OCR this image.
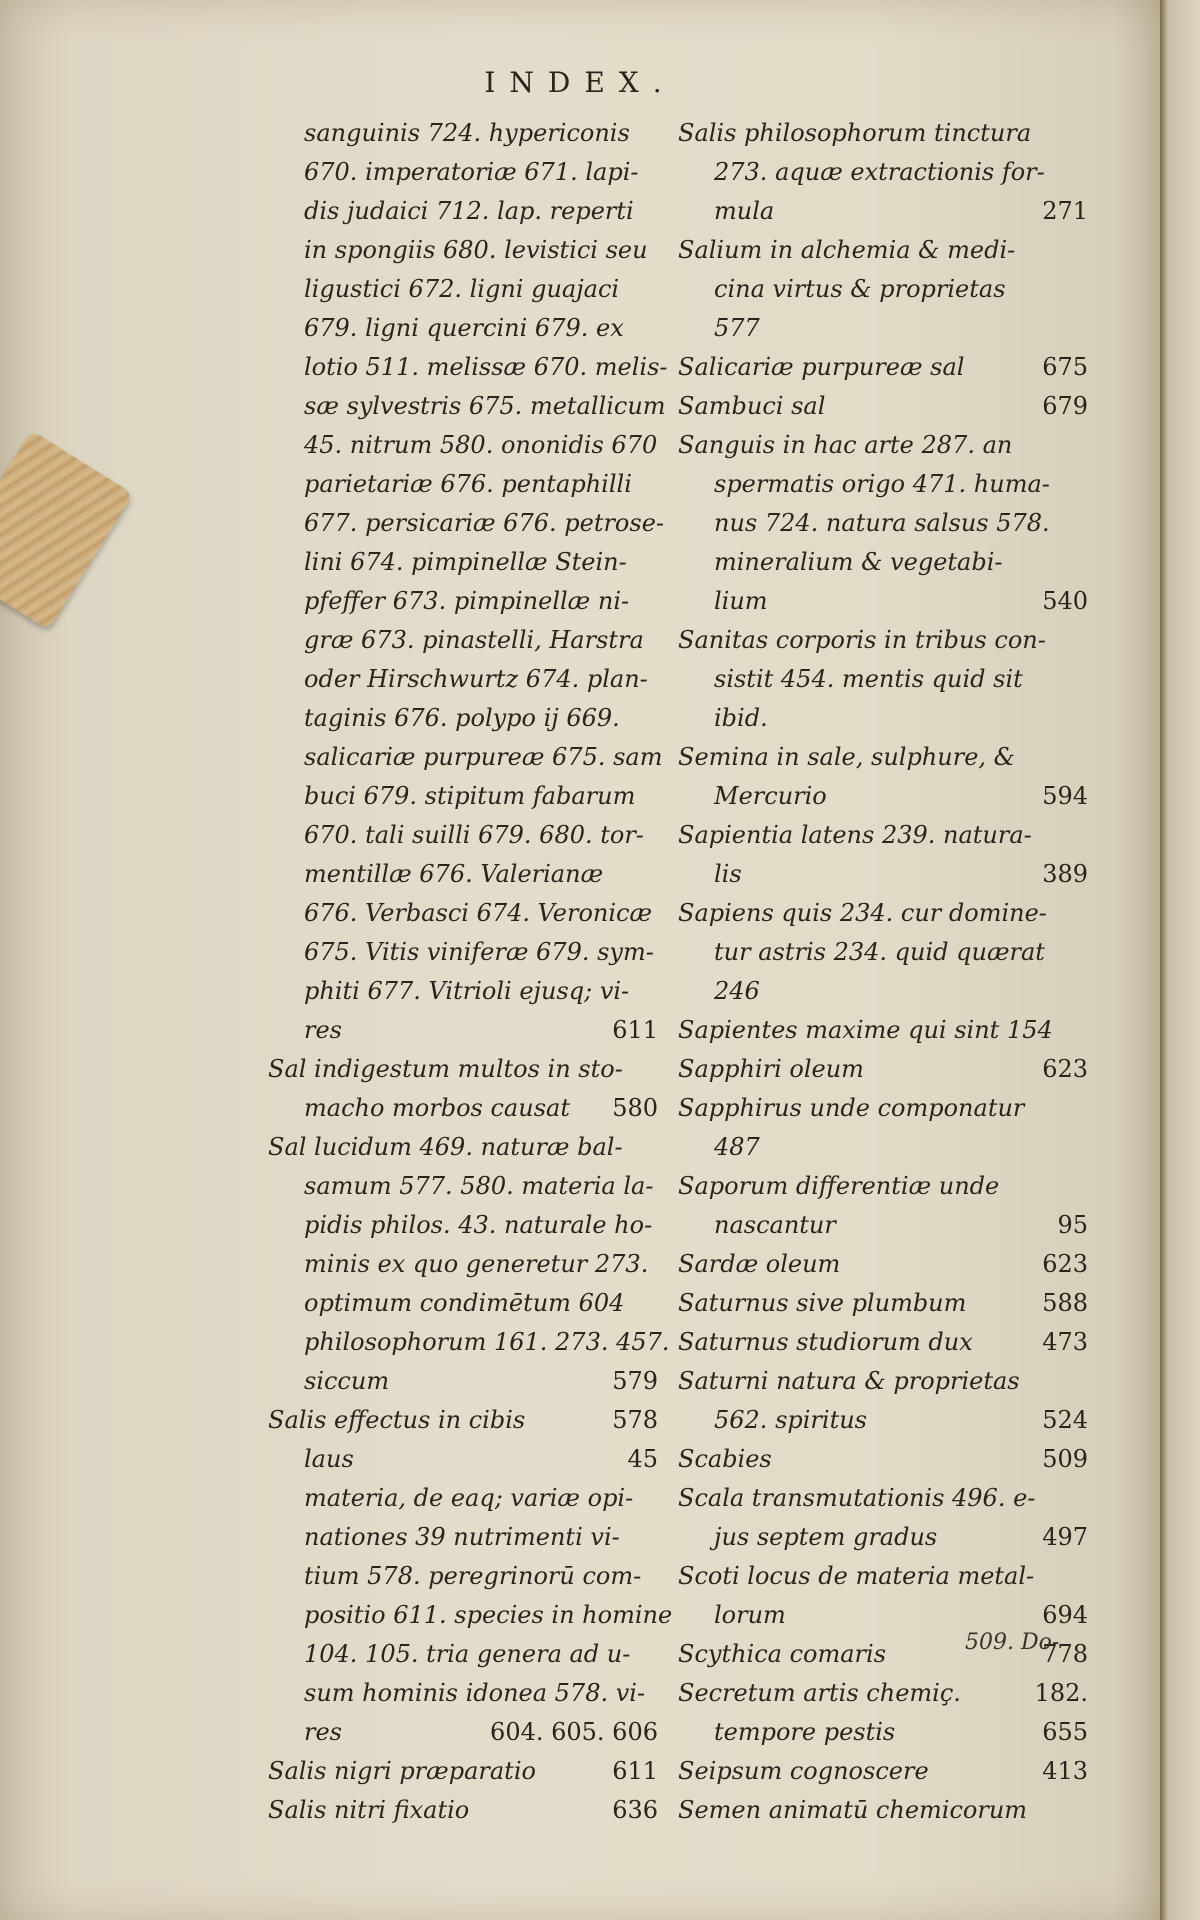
INDEX.
sanguinis 724. hypericonis
670. imperatoriæ 671. lapi-
dis judaici 712. lap. reperti
in spongiis 680. levistici seu
ligustici 672. ligni guajaci
679. ligni quercini 679. ex
lotio 511. melissæ 670. melis-
sæ sylvestris 675. metallicum
45. nitrum 580. ononidis 670
parietariæ 676. pentaphilli
677. persicariæ 676. petrose-
lini 674. pimpinellæ Stein-
pfeffer 673. pimpinellæ ni-
græ 673. pinastelli, Harstra
oder Hirschwurtz 674. plan-
taginis 676. polypo ij 669.
salicariæ purpureæ 675. sam
buci 679. stipitum fabarum
670. tali suilli 679. 680. tor-
mentillæ 676. Valerianæ
676. Verbasci 674. Veronicæ
675. Vitis viniferæ 679. sym-
phiti 677. Vitrioli ejusq; vi-
res	611
Sal indigestum multos in sto-
macho morbos causat 580
Sal lucidum 469. naturæ bal-
samum 577. 580. materia la-
pidis philos. 43. naturale ho-
minis ex quo generetur 273.
optimum condimētum 604
philosophorum 161. 273. 457.
siccum	579
Salis effectus in cibis	578
laus	45
materia, de eaq; variæ opi-
nationes 39 nutrimenti vi-
tium 578. peregrinorū com-
positio 611. species in homine
104. 105. tria genera ad u-
sum hominis idonea 578. vi-
res	604. 605. 606
Salis nigri præparatio	611
Salis nitri fixatio	636
Salis philosophorum tinctura
273. aquæ extractionis for-
mula	271
Salium in alchemia & medi-
cina virtus & proprietas
577
Salicariæ purpureæ sal	675
Sambuci sal	679
Sanguis in hac arte 287. an
spermatis origo 471. huma-
nus 724. natura salsus 578.
mineralium & vegetabi-
lium	540
Sanitas corporis in tribus con-
sistit 454. mentis quid sit
ibid.
Semina in sale, sulphure, &
Mercurio	594
Sapientia latens 239. natura-
lis	389
Sapiens quis 234. cur domine-
tur astris 234. quid quærat
246
Sapientes maxime qui sint 154
Sapphiri oleum	623
Sapphirus unde componatur
487
Saporum differentiæ unde
nascantur	95
Sardæ oleum	623
Saturnus sive plumbum	588
Saturnus studiorum dux	473
Saturni natura & proprietas
562. spiritus	524
Scabies	509
Scala transmutationis 496. e-
jus septem gradus	497
Scoti locus de materia metal-
lorum	694
Scythica comaris	778
Secretum artis chemiç.	182.
tempore pestis	655
Seipsum cognoscere	413
Semen animatū chemicorum
509. Do-
